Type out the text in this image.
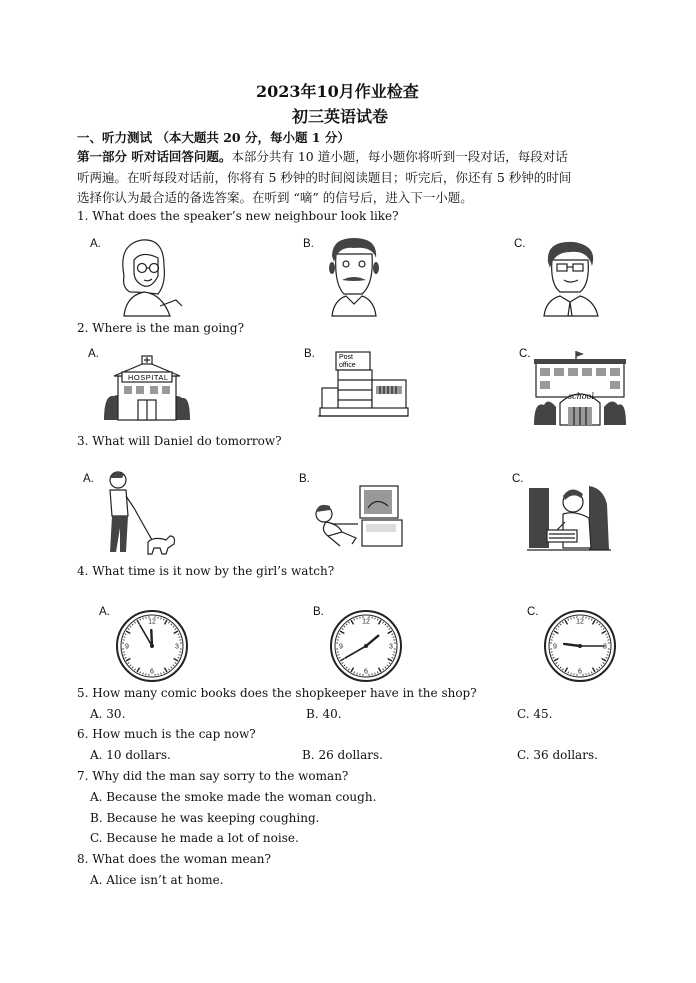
2023年10月作业检查
初三英语试卷
一、听力测试 （本大题共 20 分，每小题 1 分）
第一部分 听对话回答问题。本部分共有 10 道小题，每小题你将听到一段对话，每段对话
听两遍。在听每段对话前，你将有 5 秒钟的时间阅读题目；听完后，你还有 5 秒钟的时间
选择你认为最合适的备选答案。在听到 “嘀” 的信号后，进入下一小题。
1. What does the speaker’s new neighbour look like?
A.	B.	C.
2. Where is the man going?
A.	B.	C.
HOSPITAL
Post
office
school
3. What will Daniel do tomorrow?
A.	B.	C.
4. What time is it now by the girl’s watch?
A.	B.	C.
12
3
6
9
12
3
6
9
12
3
6
9
5. How many comic books does the shopkeeper have in the shop?
A. 30.	B. 40.	C. 45.
6. How much is the cap now?
A. 10 dollars.	B. 26 dollars.	C. 36 dollars.
7. Why did the man say sorry to the woman?
A. Because the smoke made the woman cough.
B. Because he was keeping coughing.
C. Because he made a lot of noise.
8. What does the woman mean?
A. Alice isn’t at home.
